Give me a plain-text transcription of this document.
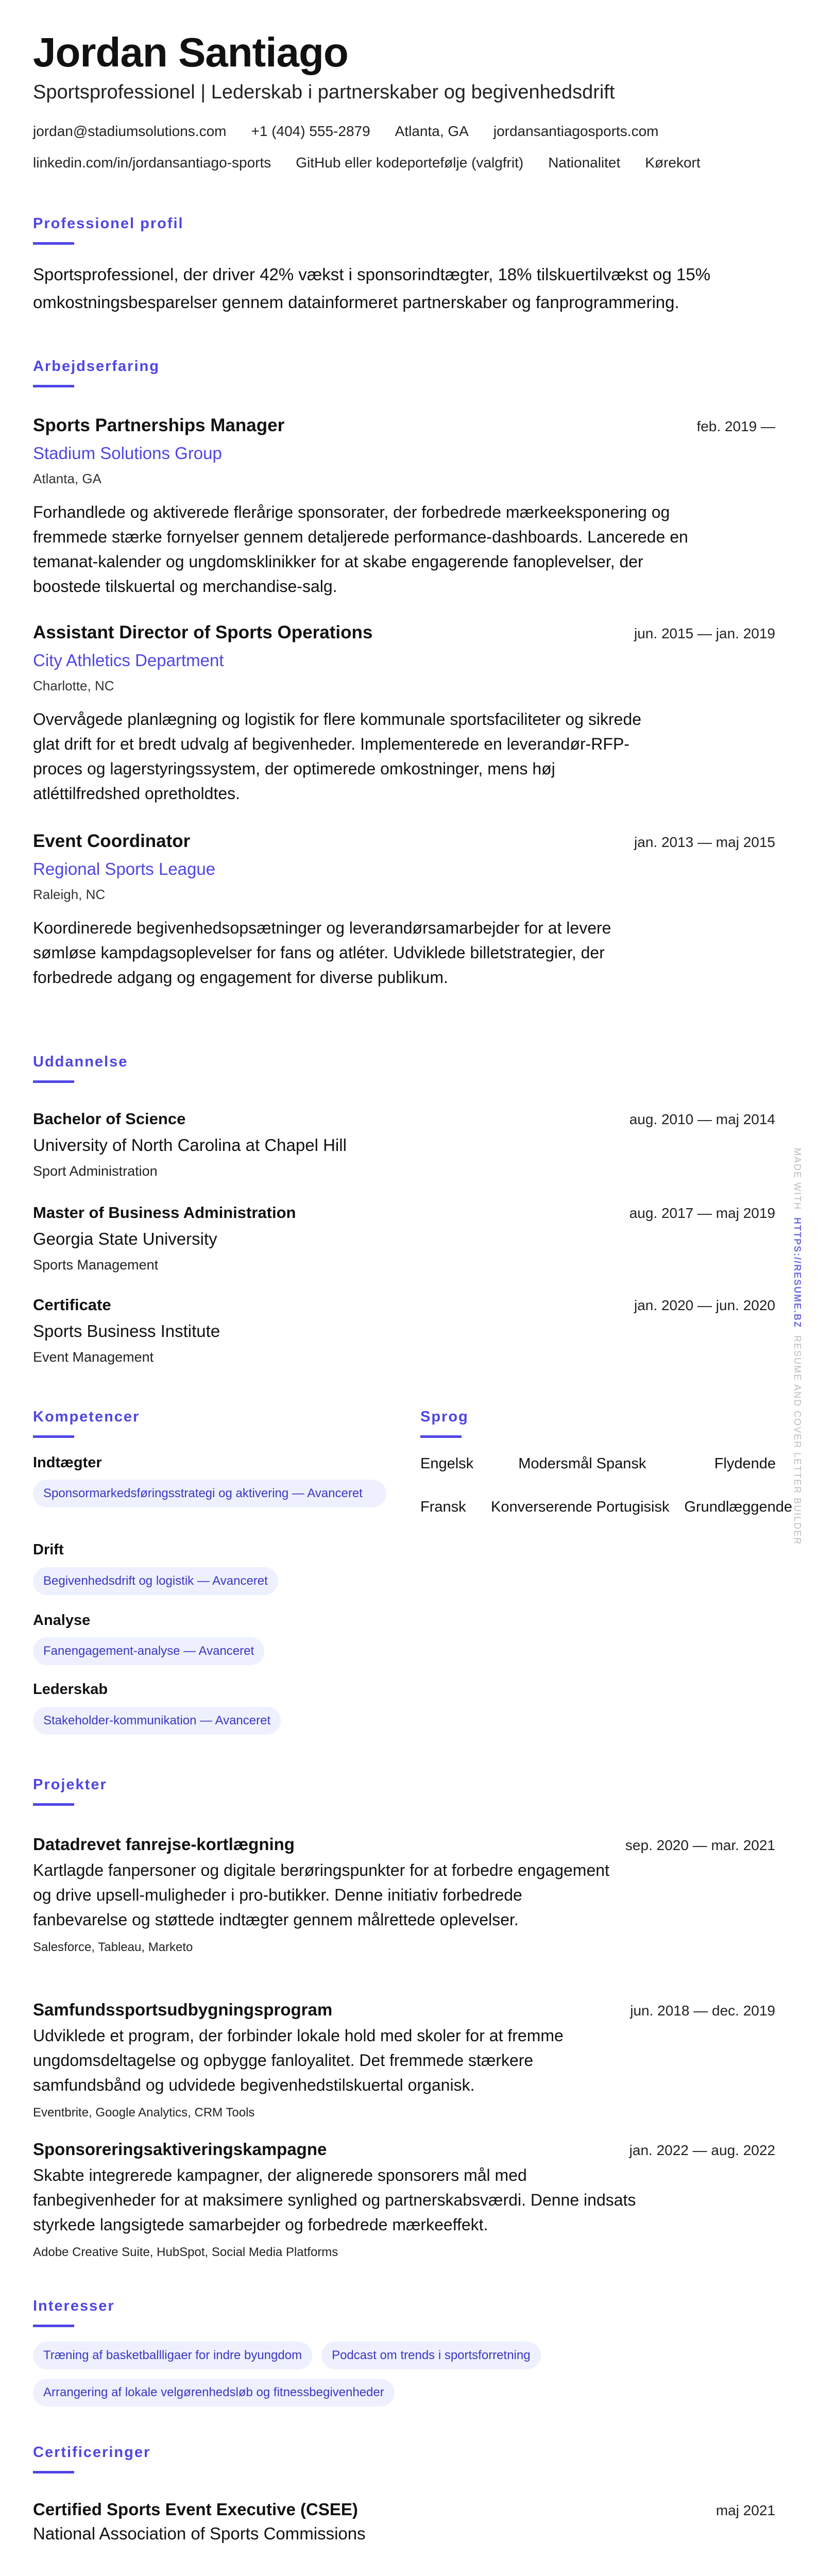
Jordan Santiago
Sportsprofessionel | Lederskab i partnerskaber og begivenhedsdrift
jordan@stadiumsolutions.com +1 (404) 555-2879 Atlanta, GA jordansantiagosports.com
linkedin.com/in/jordansantiago-sports GitHub eller kodeportefølje (valgfrit) Nationalitet Kørekort
Professionel profil
Sportsprofessionel, der driver 42% vækst i sponsorindtægter, 18% tilskuertilvækst og 15% omkostningsbesparelser gennem datainformeret partnerskaber og fanprogrammering.
Arbejdserfaring
Sports Partnerships Manager	feb. 2019 —
Stadium Solutions Group
Atlanta, GA
Forhandlede og aktiverede flerårige sponsorater, der forbedrede mærkeeksponering og fremmede stærke fornyelser gennem detaljerede performance-dashboards. Lancerede en temanat-kalender og ungdomsklinikker for at skabe engagerende fanoplevelser, der boostede tilskuertal og merchandise-salg.
Assistant Director of Sports Operations	jun. 2015 — jan. 2019
City Athletics Department
Charlotte, NC
Overvågede planlægning og logistik for flere kommunale sportsfaciliteter og sikrede glat drift for et bredt udvalg af begivenheder. Implementerede en leverandør-RFP-proces og lagerstyringssystem, der optimerede omkostninger, mens høj atléttilfredshed opretholdtes.
Event Coordinator	jan. 2013 — maj 2015
Regional Sports League
Raleigh, NC
Koordinerede begivenhedsopsætninger og leverandørsamarbejder for at levere sømløse kampdagsoplevelser for fans og atléter. Udviklede billetstrategier, der forbedrede adgang og engagement for diverse publikum.
Uddannelse
Bachelor of Science	aug. 2010 — maj 2014
University of North Carolina at Chapel Hill
Sport Administration
Master of Business Administration	aug. 2017 — maj 2019
Georgia State University
Sports Management
Certificate	jan. 2020 — jun. 2020
Sports Business Institute
Event Management
Kompetencer
Indtægter
Sponsormarkedsføringsstrategi og aktivering — Avanceret
Drift
Begivenhedsdrift og logistik — Avanceret
Analyse
Fanengagement-analyse — Avanceret
Lederskab
Stakeholder-kommunikation — Avanceret
Sprog
Engelsk	Modersmål Spansk	Flydende
Fransk	Konverserende Portugisisk Grundlæggende
Projekter
Datadrevet fanrejse-kortlægning	sep. 2020 — mar. 2021
Kartlagde fanpersoner og digitale berøringspunkter for at forbedre engagement og drive upsell-muligheder i pro-butikker. Denne initiativ forbedrede fanbevarelse og støttede indtægter gennem målrettede oplevelser.
Salesforce, Tableau, Marketo
Samfundssportsudbygningsprogram	jun. 2018 — dec. 2019
Udviklede et program, der forbinder lokale hold med skoler for at fremme ungdomsdeltagelse og opbygge fanloyalitet. Det fremmede stærkere samfundsbånd og udvidede begivenhedstilskuertal organisk.
Eventbrite, Google Analytics, CRM Tools
Sponsoreringsaktiveringskampagne	jan. 2022 — aug. 2022
Skabte integrerede kampagner, der alignerede sponsorers mål med fanbegivenheder for at maksimere synlighed og partnerskabsværdi. Denne indsats styrkede langsigtede samarbejder og forbedrede mærkeeffekt.
Adobe Creative Suite, HubSpot, Social Media Platforms
Interesser
Træning af basketballligaer for indre byungdom	Podcast om trends i sportsforretning
Arrangering af lokale velgørenhedsløb og fitnessbegivenheder
Certificeringer
Certified Sports Event Executive (CSEE)	maj 2021
National Association of Sports Commissions
MADE WITH  HTTPS://RESUME.BZ  RESUME AND COVER LETTER BUILDER
